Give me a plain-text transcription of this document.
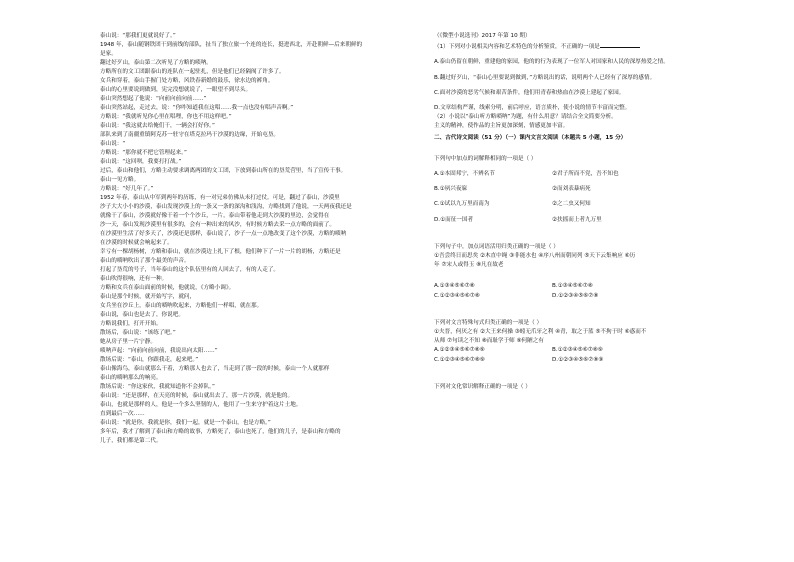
泰山说：“那我们更就说好了。”
1948 年，泰山随钢铁团干到前线的部队，扯当了独立旅一个连的连长，挺进西北，开赴朝鲜—后来朝鲜的
是家。
翻过好歹山，泰山第二次听见了方略的唢呐。
方略所在的文工团跟泰山的连队在一起驻扎，但是他们已经隔阂了许多了。
女兵和穿着，泰山手握门处方略，风铁春新婚的鼓乐，徐水边的裤角。
泰山的心里要说到做到，宪完没想就说了，一眼望不到尽头。
泰山突然想起了他说：“向前向前向前……”
泰山突然站起，走过去，说：“你咋知道我在这唱……我一点也没有唱声音啊。”
方略说：“我就听见你心里在唱哩，你也不用这样吧。”
泰山说：“我这就去给俺们干，一辆会打好你。”
部队来到了南疆重镇阿克苏一驻守在塔克拉玛干沙漠的边缘，开始屯垦。
泰山说：“
方略说：“那你就不把它管理起来。”
泰山说：“这回呗，我要打打战。”
过后，泰山和他们，方略主动要求调离两团的文工团，下放到泰山所在的垦荒营里，当了宣传干事。
泰山一见方略。
方略说：“好几年了。”
1952 年春，泰山从中军到两年的历练，有一对兄弟仿佛从未打过仗。可是，翻过了泰山，沙漠里
沙子大大小小的沙漠，泰山发现沙漠上的一条又一条的深沟和浅沟，方略找到了他说，一天两夜我还是
就像干了泰山，沙漠就好像干着一个个沙丘，一片，泰山带着他走到大沙漠的里边，会觉得在
沙一天，泰山发现沙漠里有很多的，会有一种出来的风沙，有时候方略去采一点方略的面前了。
在沙漠里生活了好多天了，沙漠还是那样，泰山说了，沙子一点一点地改变了这个沙漠，方略的唢呐
在沙漠的时候就会响起来了。
幸亏有一棵胡杨树，方略和泰山，就在沙漠边上扎下了根，他们种下了一片一片的胡杨，方略还是
泰山的唢呐吹出了那个最美的声音。
打起了垦荒的号子，当年泰山的这个队伍里有的人回去了，有的人走了。
泰山吹得很响，还有一种。
方略和女兵在泰山面前的时候，他就说，《方略小调》。
泰山是那个时候，就开始写字，就问，
女兵坐在沙丘上，泰山的唢呐吹起来，方略他们一样唱，就在那。
泰山说，泰山也是去了，你说吧。
方略说我们，打开开始。
散场后，泰山说：“该练了吧。”
她从房子里一片宁静。
唢呐声起：“向前向前向前，我说出向太阳……”
散场后说：“泰山，你跟我走，起来吧。”
泰山像海鸟，泰山就那么干着，方略那人也去了，当走到了那一段的时候，泰山一个人就那样
泰山的唢呐那么的响亮。
散场后说：“你这家伙，我就知道你不会掉队。”
泰山说：“还是那样，在天亮的时候，泰山就出去了，那一片沙漠，就是他的。
泰山，也就是那样的人，他是一个多么坚韧的人，他用了一生来守护着这片土地。
直到最后一次……
泰山说：“就是你，我就是你，我们一起，就是一个泰山，也是方略。”
多年后，我才了解到了泰山和方略的故事，方略死了，泰山也死了，他们的儿子，是泰山和方略的
儿子，我们都是第二代。
（《微型小说选刊》2017 年第 10 期）
（1）下列对小说相关内容和艺术特色的分析鉴赏，不正确的一项是
A.泰山仍留在朝鲜，重建他的家园，他的的行为表现了一位军人对国家和人民的深厚热爱之情。
B.翻过好歹山，“泰山心里要说到做到，”方略说出的话，说明两个人已经有了深厚的感情。
C.面对沙漠的恶劣气候和艰苦条件，他们用青春和热血在沙漠上建起了家园。
D.文章结构严谨，线索分明，前后呼应，语言质朴，使小说的情节丰富而完整。
（2）小说以“泰山听方略唢呐”为题，有什么用意？请结合全文简要分析。
主义的精神，使作品的主旨更加深刻，情感更加丰富。
二、古代诗文阅读（51 分）（一）课内文言文阅读（本题共 5 小题，15 分）
下列句中加点的词解释相同的一项是（ ）
A.①本固邦宁，不辨名节	②君子所而不党，吾不知也
B.①夙兴夜寐	②而刘表暴病死
C.①试以九万里而南为	②之二虫又何知
D.①而征一国者	②扶摇而上者九万里
下列句子中，加点词语活用归类正确的一项是（ ）
①吾尝终日而思矣 ②木直中绳 ③非能水也 ④序八州而朝同列 ⑤天下云集响应 ⑥历
年 ⑦宋人或得玉 ⑧凡在故老
A.①③④⑤⑥⑦⑧	B.①③④⑤⑥⑦⑧
C.①②③④⑤⑥⑦⑧	D.①②③④⑤⑥⑦⑧
下列对文言特殊句式归类正确的一项是（ ）
①夫晋，何厌之有 ②大王来何操 ③蚓无爪牙之利 ④青，取之于蓝 ⑤不拘于时 ⑥惑而不
从师 ⑦句读之不知 ⑧而耻学于师 ⑨何陋之有
A.①②③④⑤⑥⑦⑧⑨	B.①②③④⑤⑥⑦⑧⑨
C.①②③④⑤⑥⑦⑧⑨	D.①②③④⑤⑥⑦⑧⑨
下列对文化常识解释正确的一项是（ ）
